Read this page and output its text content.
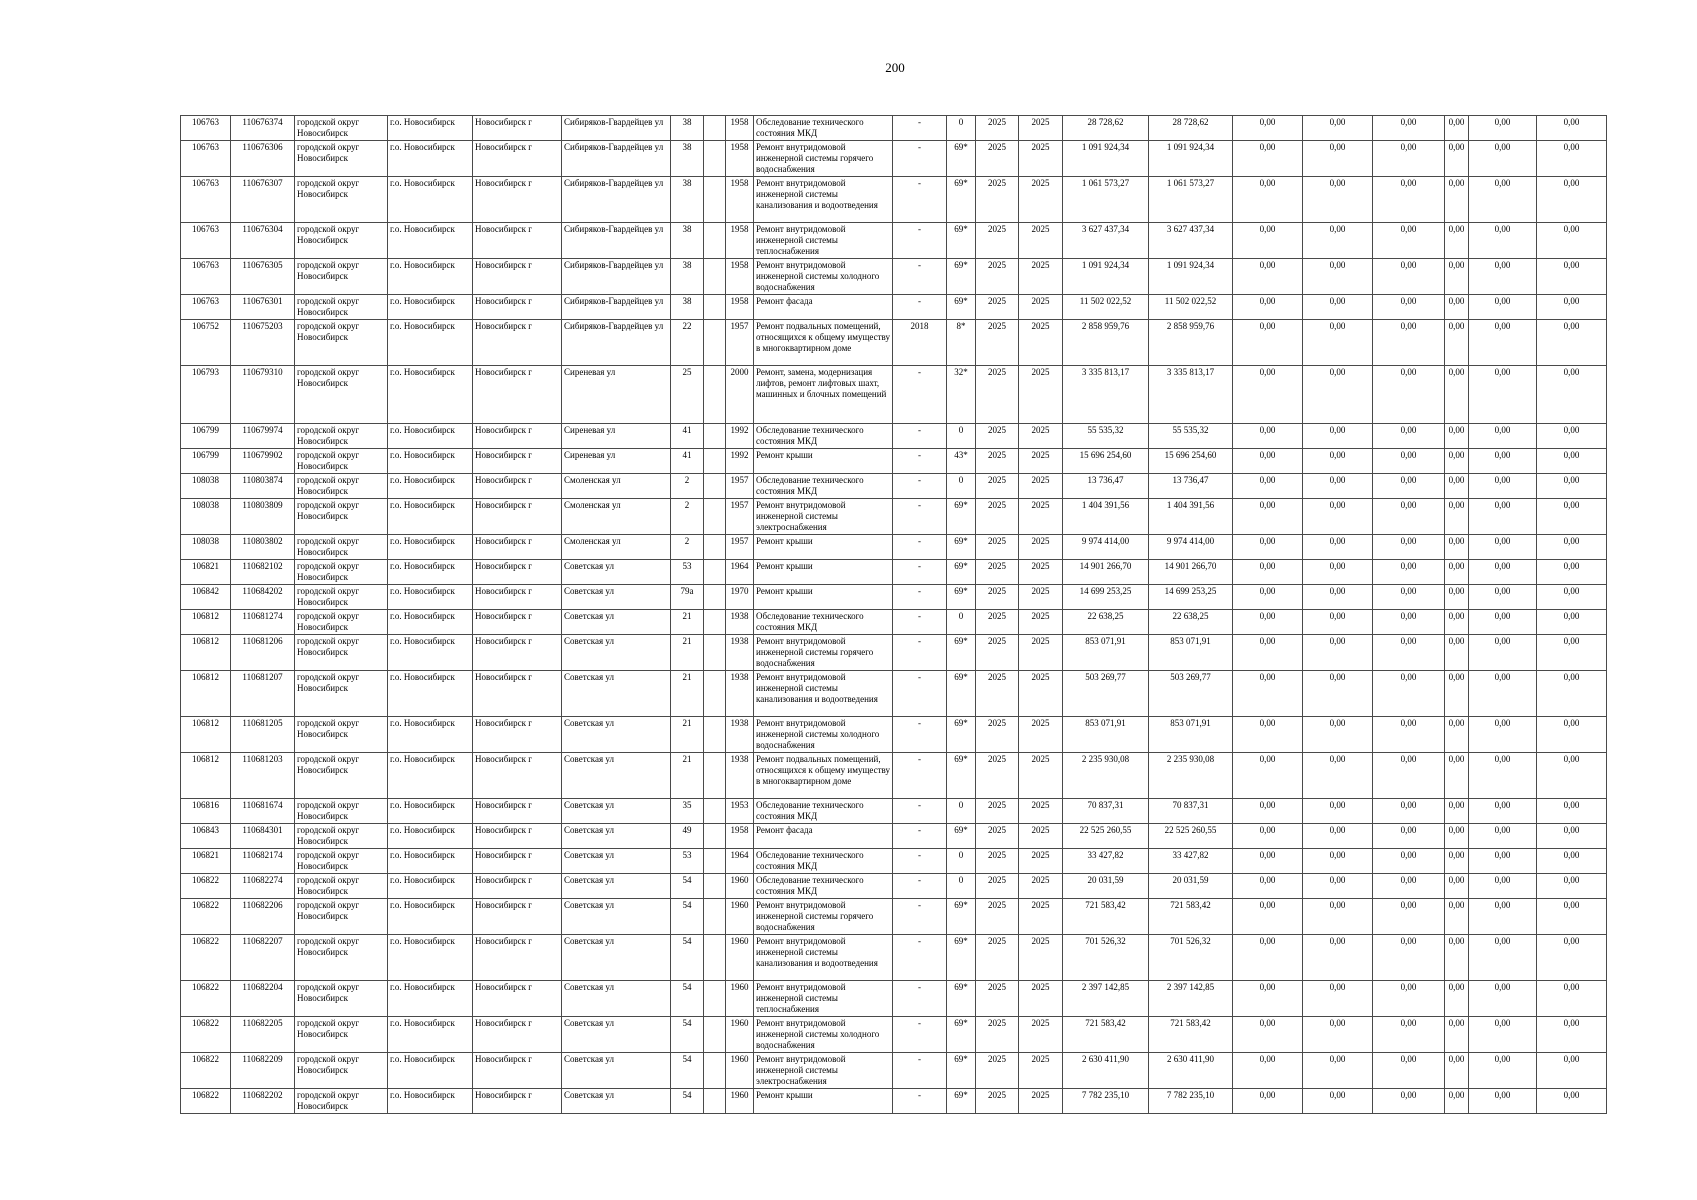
200
106763	110676374	городской округ Новосибирск	г.о. Новосибирск	Новосибирск г	Сибиряков-Гвардейцев ул	38		1958	Обследование технического состояния МКД	-	0	2025	2025	28 728,62	28 728,62	0,00	0,00	0,00	0,00	0,00	0,00
106763	110676306	городской округ Новосибирск	г.о. Новосибирск	Новосибирск г	Сибиряков-Гвардейцев ул	38		1958	Ремонт внутридомовой инженерной системы горячего водоснабжения	-	69*	2025	2025	1 091 924,34	1 091 924,34	0,00	0,00	0,00	0,00	0,00	0,00
106763	110676307	городской округ Новосибирск	г.о. Новосибирск	Новосибирск г	Сибиряков-Гвардейцев ул	38		1958	Ремонт внутридомовой инженерной системы канализования и водоотведения	-	69*	2025	2025	1 061 573,27	1 061 573,27	0,00	0,00	0,00	0,00	0,00	0,00
106763	110676304	городской округ Новосибирск	г.о. Новосибирск	Новосибирск г	Сибиряков-Гвардейцев ул	38		1958	Ремонт внутридомовой инженерной системы теплоснабжения	-	69*	2025	2025	3 627 437,34	3 627 437,34	0,00	0,00	0,00	0,00	0,00	0,00
106763	110676305	городской округ Новосибирск	г.о. Новосибирск	Новосибирск г	Сибиряков-Гвардейцев ул	38		1958	Ремонт внутридомовой инженерной системы холодного водоснабжения	-	69*	2025	2025	1 091 924,34	1 091 924,34	0,00	0,00	0,00	0,00	0,00	0,00
106763	110676301	городской округ Новосибирск	г.о. Новосибирск	Новосибирск г	Сибиряков-Гвардейцев ул	38		1958	Ремонт фасада	-	69*	2025	2025	11 502 022,52	11 502 022,52	0,00	0,00	0,00	0,00	0,00	0,00
106752	110675203	городской округ Новосибирск	г.о. Новосибирск	Новосибирск г	Сибиряков-Гвардейцев ул	22		1957	Ремонт подвальных помещений, относящихся к общему имуществу в многоквартирном доме	2018	8*	2025	2025	2 858 959,76	2 858 959,76	0,00	0,00	0,00	0,00	0,00	0,00
106793	110679310	городской округ Новосибирск	г.о. Новосибирск	Новосибирск г	Сиреневая ул	25		2000	Ремонт, замена, модернизация лифтов, ремонт лифтовых шахт, машинных и блочных помещений	-	32*	2025	2025	3 335 813,17	3 335 813,17	0,00	0,00	0,00	0,00	0,00	0,00
106799	110679974	городской округ Новосибирск	г.о. Новосибирск	Новосибирск г	Сиреневая ул	41		1992	Обследование технического состояния МКД	-	0	2025	2025	55 535,32	55 535,32	0,00	0,00	0,00	0,00	0,00	0,00
106799	110679902	городской округ Новосибирск	г.о. Новосибирск	Новосибирск г	Сиреневая ул	41		1992	Ремонт крыши	-	43*	2025	2025	15 696 254,60	15 696 254,60	0,00	0,00	0,00	0,00	0,00	0,00
108038	110803874	городской округ Новосибирск	г.о. Новосибирск	Новосибирск г	Смоленская ул	2		1957	Обследование технического состояния МКД	-	0	2025	2025	13 736,47	13 736,47	0,00	0,00	0,00	0,00	0,00	0,00
108038	110803809	городской округ Новосибирск	г.о. Новосибирск	Новосибирск г	Смоленская ул	2		1957	Ремонт внутридомовой инженерной системы электроснабжения	-	69*	2025	2025	1 404 391,56	1 404 391,56	0,00	0,00	0,00	0,00	0,00	0,00
108038	110803802	городской округ Новосибирск	г.о. Новосибирск	Новосибирск г	Смоленская ул	2		1957	Ремонт крыши	-	69*	2025	2025	9 974 414,00	9 974 414,00	0,00	0,00	0,00	0,00	0,00	0,00
106821	110682102	городской округ Новосибирск	г.о. Новосибирск	Новосибирск г	Советская ул	53		1964	Ремонт крыши	-	69*	2025	2025	14 901 266,70	14 901 266,70	0,00	0,00	0,00	0,00	0,00	0,00
106842	110684202	городской округ Новосибирск	г.о. Новосибирск	Новосибирск г	Советская ул	79а		1970	Ремонт крыши	-	69*	2025	2025	14 699 253,25	14 699 253,25	0,00	0,00	0,00	0,00	0,00	0,00
106812	110681274	городской округ Новосибирск	г.о. Новосибирск	Новосибирск г	Советская ул	21		1938	Обследование технического состояния МКД	-	0	2025	2025	22 638,25	22 638,25	0,00	0,00	0,00	0,00	0,00	0,00
106812	110681206	городской округ Новосибирск	г.о. Новосибирск	Новосибирск г	Советская ул	21		1938	Ремонт внутридомовой инженерной системы горячего водоснабжения	-	69*	2025	2025	853 071,91	853 071,91	0,00	0,00	0,00	0,00	0,00	0,00
106812	110681207	городской округ Новосибирск	г.о. Новосибирск	Новосибирск г	Советская ул	21		1938	Ремонт внутридомовой инженерной системы канализования и водоотведения	-	69*	2025	2025	503 269,77	503 269,77	0,00	0,00	0,00	0,00	0,00	0,00
106812	110681205	городской округ Новосибирск	г.о. Новосибирск	Новосибирск г	Советская ул	21		1938	Ремонт внутридомовой инженерной системы холодного водоснабжения	-	69*	2025	2025	853 071,91	853 071,91	0,00	0,00	0,00	0,00	0,00	0,00
106812	110681203	городской округ Новосибирск	г.о. Новосибирск	Новосибирск г	Советская ул	21		1938	Ремонт подвальных помещений, относящихся к общему имуществу в многоквартирном доме	-	69*	2025	2025	2 235 930,08	2 235 930,08	0,00	0,00	0,00	0,00	0,00	0,00
106816	110681674	городской округ Новосибирск	г.о. Новосибирск	Новосибирск г	Советская ул	35		1953	Обследование технического состояния МКД	-	0	2025	2025	70 837,31	70 837,31	0,00	0,00	0,00	0,00	0,00	0,00
106843	110684301	городской округ Новосибирск	г.о. Новосибирск	Новосибирск г	Советская ул	49		1958	Ремонт фасада	-	69*	2025	2025	22 525 260,55	22 525 260,55	0,00	0,00	0,00	0,00	0,00	0,00
106821	110682174	городской округ Новосибирск	г.о. Новосибирск	Новосибирск г	Советская ул	53		1964	Обследование технического состояния МКД	-	0	2025	2025	33 427,82	33 427,82	0,00	0,00	0,00	0,00	0,00	0,00
106822	110682274	городской округ Новосибирск	г.о. Новосибирск	Новосибирск г	Советская ул	54		1960	Обследование технического состояния МКД	-	0	2025	2025	20 031,59	20 031,59	0,00	0,00	0,00	0,00	0,00	0,00
106822	110682206	городской округ Новосибирск	г.о. Новосибирск	Новосибирск г	Советская ул	54		1960	Ремонт внутридомовой инженерной системы горячего водоснабжения	-	69*	2025	2025	721 583,42	721 583,42	0,00	0,00	0,00	0,00	0,00	0,00
106822	110682207	городской округ Новосибирск	г.о. Новосибирск	Новосибирск г	Советская ул	54		1960	Ремонт внутридомовой инженерной системы канализования и водоотведения	-	69*	2025	2025	701 526,32	701 526,32	0,00	0,00	0,00	0,00	0,00	0,00
106822	110682204	городской округ Новосибирск	г.о. Новосибирск	Новосибирск г	Советская ул	54		1960	Ремонт внутридомовой инженерной системы теплоснабжения	-	69*	2025	2025	2 397 142,85	2 397 142,85	0,00	0,00	0,00	0,00	0,00	0,00
106822	110682205	городской округ Новосибирск	г.о. Новосибирск	Новосибирск г	Советская ул	54		1960	Ремонт внутридомовой инженерной системы холодного водоснабжения	-	69*	2025	2025	721 583,42	721 583,42	0,00	0,00	0,00	0,00	0,00	0,00
106822	110682209	городской округ Новосибирск	г.о. Новосибирск	Новосибирск г	Советская ул	54		1960	Ремонт внутридомовой инженерной системы электроснабжения	-	69*	2025	2025	2 630 411,90	2 630 411,90	0,00	0,00	0,00	0,00	0,00	0,00
106822	110682202	городской округ Новосибирск	г.о. Новосибирск	Новосибирск г	Советская ул	54		1960	Ремонт крыши	-	69*	2025	2025	7 782 235,10	7 782 235,10	0,00	0,00	0,00	0,00	0,00	0,00
